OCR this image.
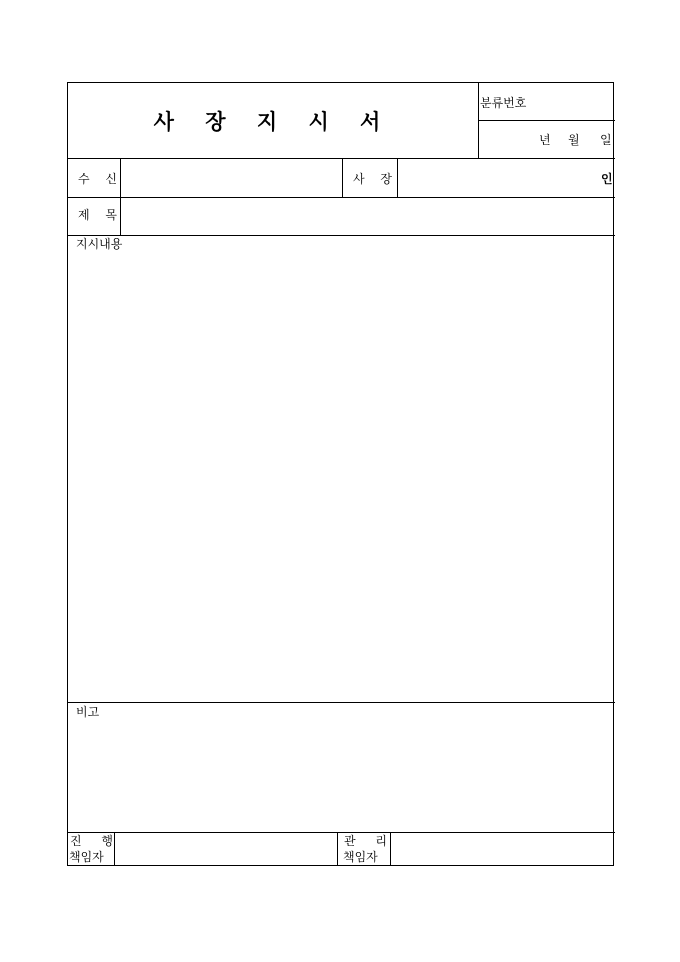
사 장 지 시 서
분류번호
년 월 일
수 신	사 장	인
제 목
지시내용
비고
진 행
책임자
관 리
책임자
